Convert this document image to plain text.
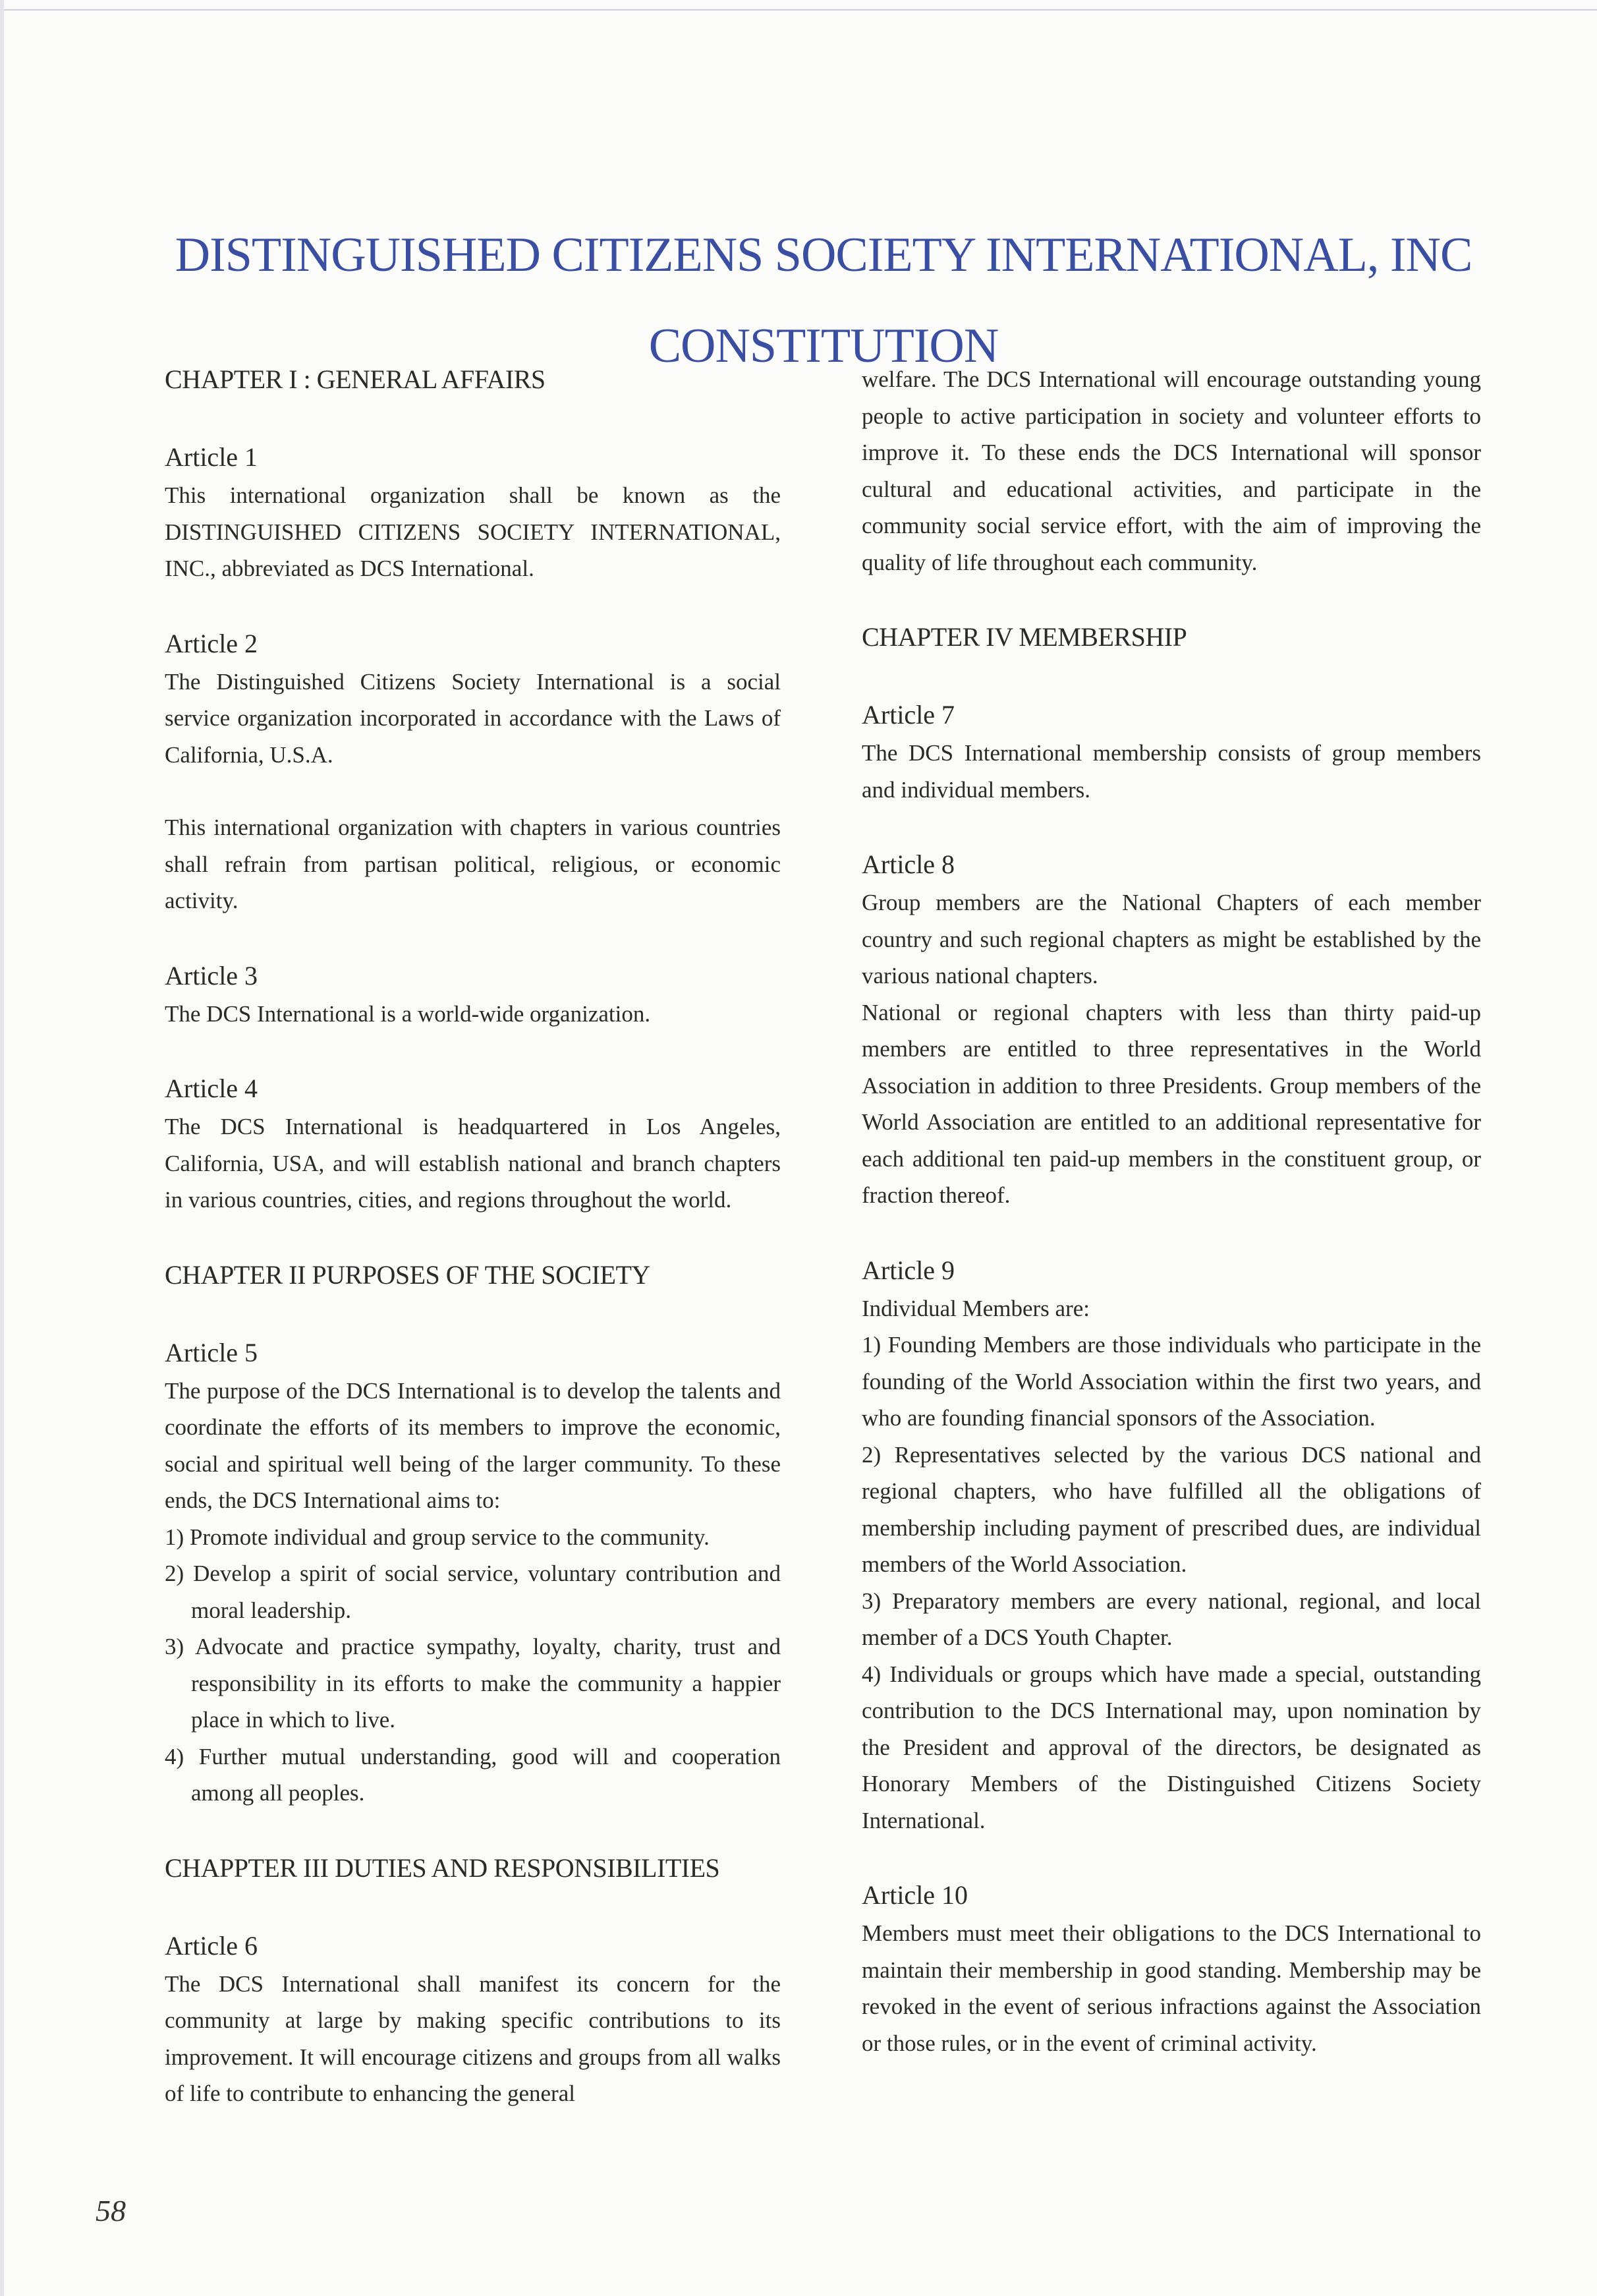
DISTINGUISHED CITIZENS SOCIETY INTERNATIONAL, INC
CONSTITUTION

CHAPTER I : GENERAL AFFAIRS

Article 1

This international organization shall be known as the DISTINGUISHED CITIZENS SOCIETY INTERNATIONAL, INC., abbreviated as DCS International.

Article 2

The Distinguished Citizens Society International is a social service organization incorporated in accordance with the Laws of California, U.S.A.

This international organization with chapters in various countries shall refrain from partisan political, religious, or economic activity.

Article 3

The DCS International is a world-wide organization.

Article 4

The DCS International is headquartered in Los Angeles, California, USA, and will establish national and branch chapters in various countries, cities, and regions throughout the world.

CHAPTER II PURPOSES OF THE SOCIETY

Article 5

The purpose of the DCS International is to develop the talents and coordinate the efforts of its members to improve the economic, social and spiritual well being of the larger community. To these ends, the DCS International aims to:

1) Promote individual and group service to the community.
2) Develop a spirit of social service, voluntary contribution and moral leadership.
3) Advocate and practice sympathy, loyalty, charity, trust and responsibility in its efforts to make the community a happier place in which to live.
4) Further mutual understanding, good will and cooperation among all peoples.

CHAPPTER III DUTIES AND RESPONSIBILITIES

Article 6

The DCS International shall manifest its concern for the community at large by making specific contributions to its improvement. It will encourage citizens and groups from all walks of life to contribute to enhancing the general

welfare. The DCS International will encourage outstanding young people to active participation in society and volunteer efforts to improve it. To these ends the DCS International will sponsor cultural and educational activities, and participate in the community social service effort, with the aim of improving the quality of life throughout each community.

CHAPTER IV MEMBERSHIP

Article 7

The DCS International membership consists of group members and individual members.

Article 8

Group members are the National Chapters of each member country and such regional chapters as might be established by the various national chapters.

National or regional chapters with less than thirty paid-up members are entitled to three representatives in the World Association in addition to three Presidents. Group members of the World Association are entitled to an additional representative for each additional ten paid-up members in the constituent group, or fraction thereof.

Article 9

Individual Members are:

1) Founding Members are those individuals who participate in the founding of the World Association within the first two years, and who are founding financial sponsors of the Association.

2) Representatives selected by the various DCS national and regional chapters, who have fulfilled all the obligations of membership including payment of prescribed dues, are individual members of the World Association.

3) Preparatory members are every national, regional, and local member of a DCS Youth Chapter.

4) Individuals or groups which have made a special, outstanding contribution to the DCS International may, upon nomination by the President and approval of the directors, be designated as Honorary Members of the Distinguished Citizens Society International.

Article 10

Members must meet their obligations to the DCS International to maintain their membership in good standing. Membership may be revoked in the event of serious infractions against the Association or those rules, or in the event of criminal activity.

58
